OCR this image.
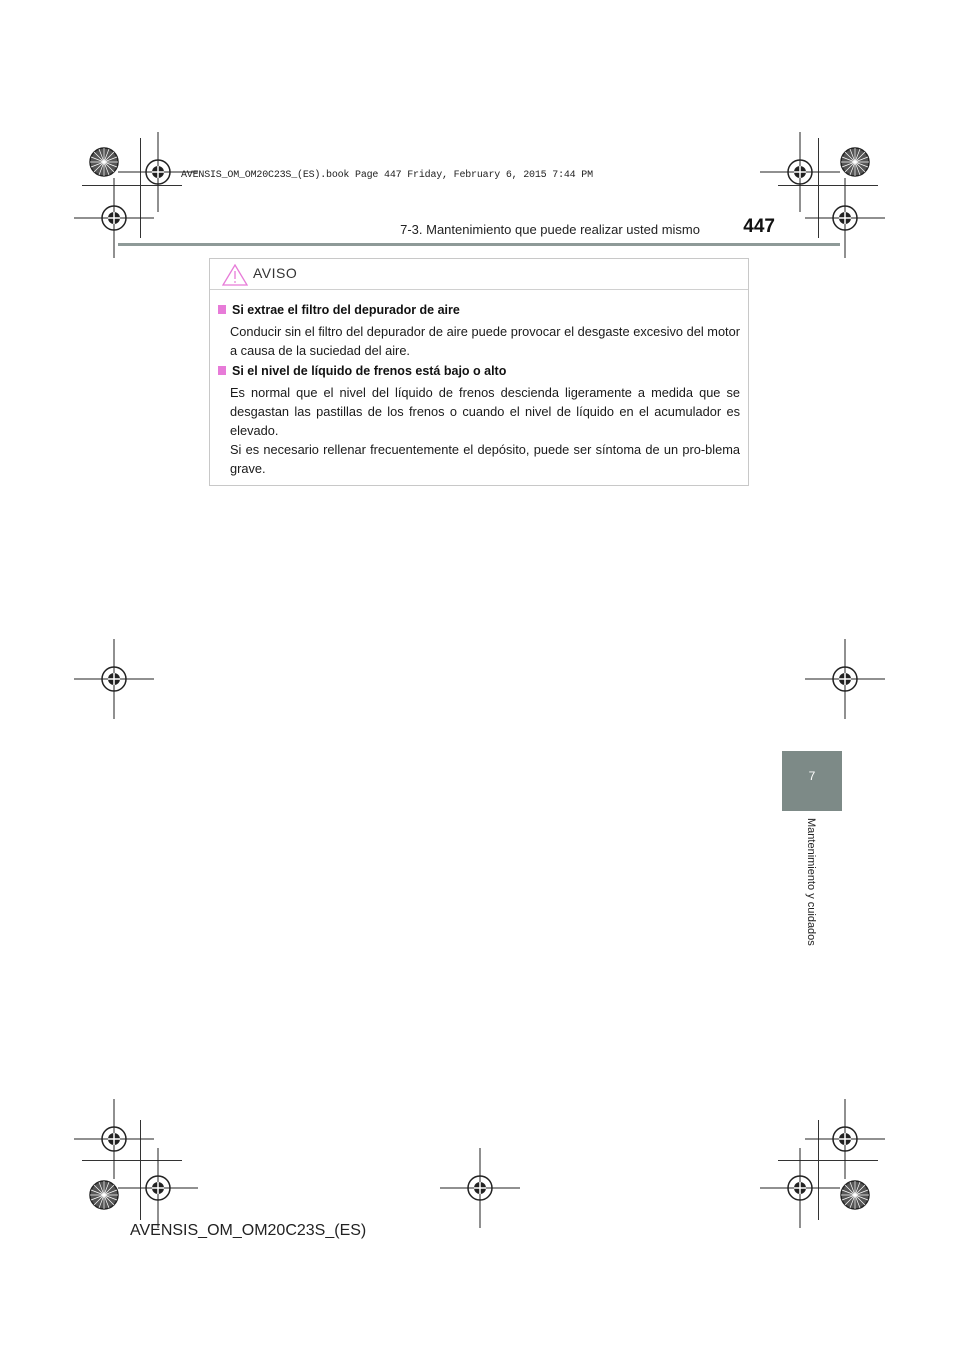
AVENSIS_OM_OM20C23S_(ES).book Page 447 Friday, February 6, 2015 7:44 PM
7-3. Mantenimiento que puede realizar usted mismo	447
7
Mantenimiento y cuidados
AVISO
Si extrae el filtro del depurador de aire
Conducir sin el filtro del depurador de aire puede provocar el desgaste excesivo del motor a causa de la suciedad del aire.
Si el nivel de líquido de frenos está bajo o alto
Es normal que el nivel del líquido de frenos descienda ligeramente a medida que se desgastan las pastillas de los frenos o cuando el nivel de líquido en el acumulador es elevado.
Si es necesario rellenar frecuentemente el depósito, puede ser síntoma de un pro-blema grave.
AVENSIS_OM_OM20C23S_(ES)
